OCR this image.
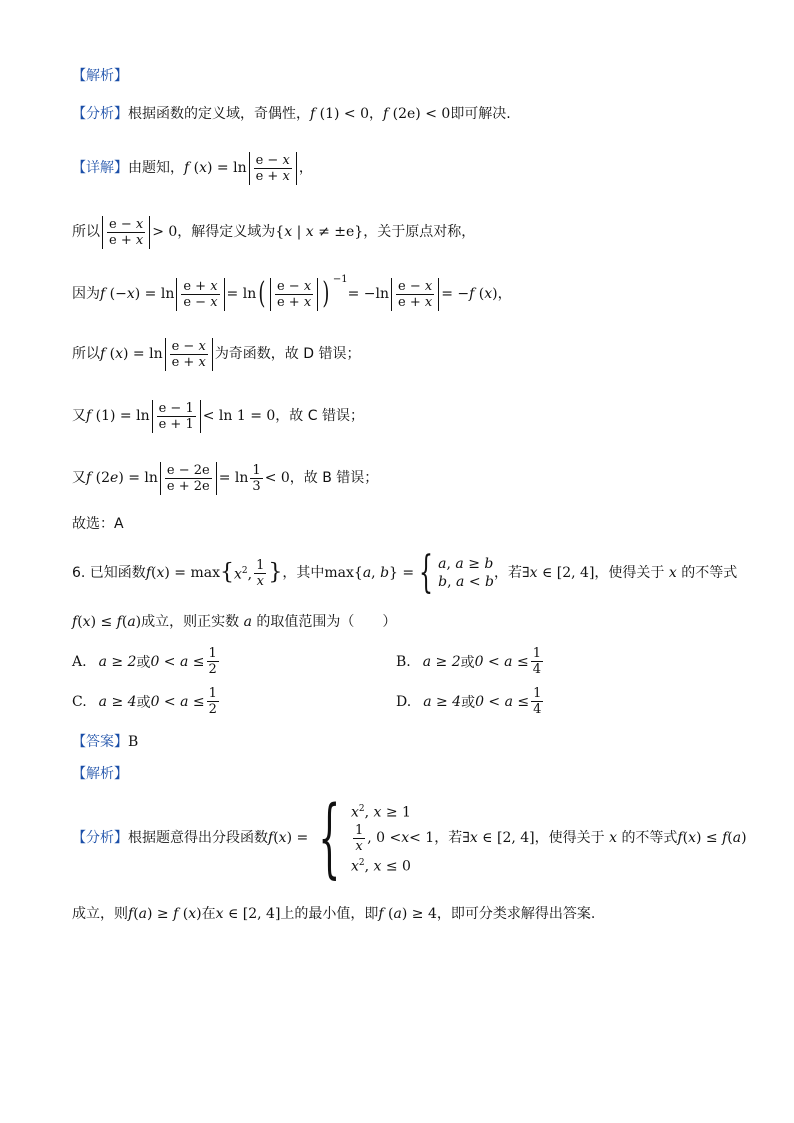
【解析】
【分析】 根据函数的定义域，奇偶性， f (1) < 0 ， f (2e) < 0 即可解决.
【详解】 由题知， f $(x) = \ln \frac{e - x}{e + x}$ ，
所以 $\frac{e - x}{e + x} > 0$ ，解得定义域为 {x | x ≠ ±e} ，关于原点对称，
因为 f $(-x) = \ln \frac{e + x}{e - x} = \ln$ ( $\frac{e - x}{e + x}$ ) −1
= $-\ln \frac{e - x}{e + x} = -f$ (x) ，
所以 f $(x) = \ln \frac{e - x}{e + x}$ 为奇函数，故 D 错误；
又 f $(1) = \ln \frac{e - 1}{e + 1} < \ln 1 = 0$ ，故 C 错误；
又 f $(2e) = \ln \frac{e - 2e}{e + 2e} = \ln \frac{1}{3} < 0$ ，故 B 错误；
故选：A
6. 已知函数 f(x) = max { $x^2$, $\frac{1}{x}$ } ，其中 max{a, b} = { a, a ≥ b
b, a < b
，若 ∃x ∈ [2, 4] ，使得关于 x 的不等式
f(x) ≤ f(a) 成立，则正实数 a 的取值范围为（　　）
A. a ≥ 2 或 $0 < a \le \frac{1}{2}$	B. a ≥ 2 或 $0 < a \le \frac{1}{4}$
C. a ≥ 4 或 $0 < a \le \frac{1}{2}$	D. a ≥ 4 或 $0 < a \le \frac{1}{4}$
【答案】 B
【解析】
【分析】 根据题意得出分段函数 f(x) = { $x^2$, x ≥ 1
$\frac{1}{x}$ , 0 < x < 1
$x^2$, x ≤ 0
，若 ∃x ∈ [2, 4] ，使得关于 x 的不等式 f(x) ≤ f(a)
成立，则 f(a) ≥ f (x) 在 x ∈ [2, 4] 上的最小值，即 f (a) ≥ 4 ，即可分类求解得出答案.
